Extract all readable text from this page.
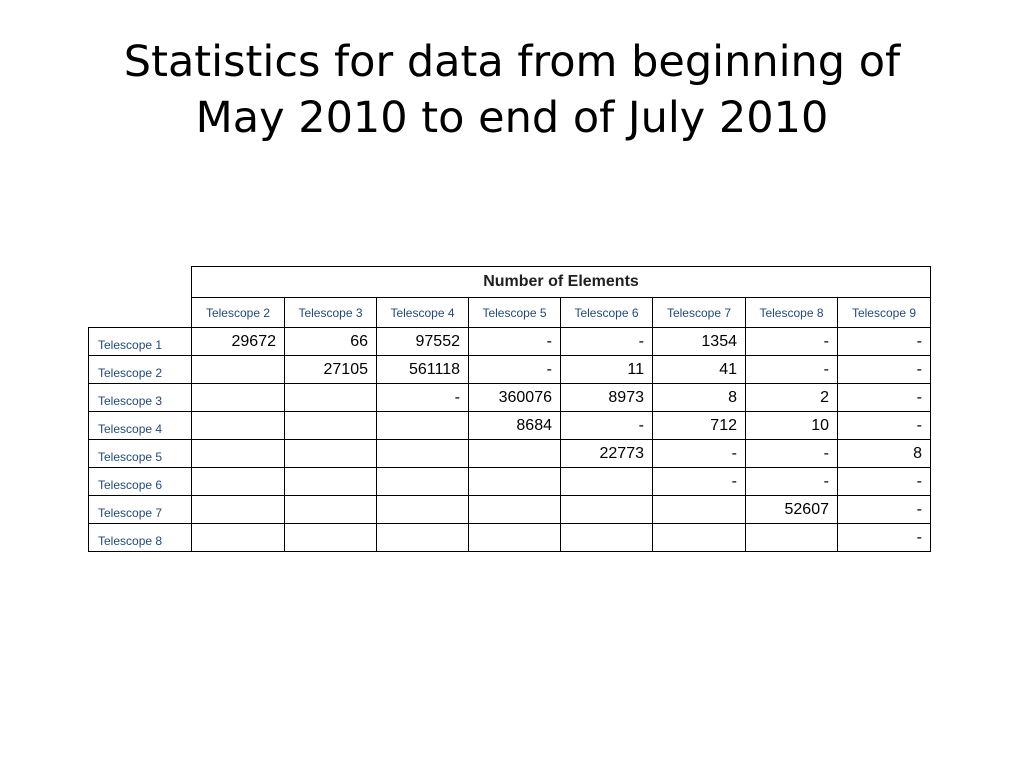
Statistics for data from beginning of
May 2010 to end of July 2010
	Number of Elements							
	Telescope 2	Telescope 3	Telescope 4	Telescope 5	Telescope 6	Telescope 7	Telescope 8	Telescope 9
Telescope 1	29672	66	97552	-	-	1354	-	-
Telescope 2		27105	561118	-	11	41	-	-
Telescope 3			-	360076	8973	8	2	-
Telescope 4				8684	-	712	10	-
Telescope 5					22773	-	-	8
Telescope 6						-	-	-
Telescope 7							52607	-
Telescope 8								-
